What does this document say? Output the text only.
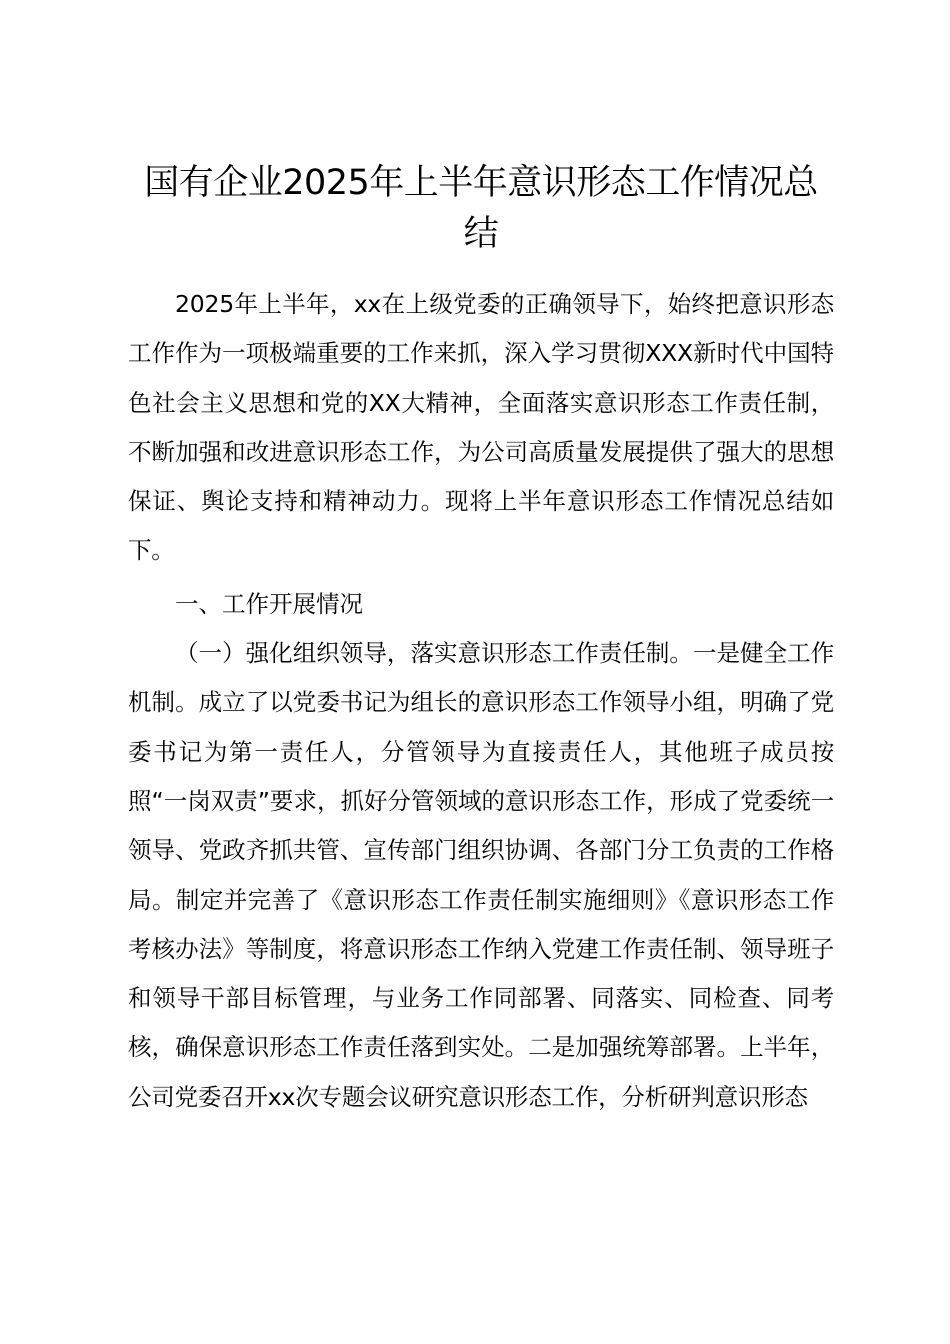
国有企业2025年上半年意识形态工作情况总结

2025年上半年，xx在上级党委的正确领导下，始终把意识形态工作作为一项极端重要的工作来抓，深入学习贯彻XXX新时代中国特色社会主义思想和党的XX大精神，全面落实意识形态工作责任制，不断加强和改进意识形态工作，为公司高质量发展提供了强大的思想保证、舆论支持和精神动力。现将上半年意识形态工作情况总结如下。

一、工作开展情况

（一）强化组织领导，落实意识形态工作责任制。一是健全工作机制。成立了以党委书记为组长的意识形态工作领导小组，明确了党委书记为第一责任人，分管领导为直接责任人，其他班子成员按照“一岗双责”要求，抓好分管领域的意识形态工作，形成了党委统一领导、党政齐抓共管、宣传部门组织协调、各部门分工负责的工作格局。制定并完善了《意识形态工作责任制实施细则》《意识形态工作考核办法》等制度，将意识形态工作纳入党建工作责任制、领导班子和领导干部目标管理，与业务工作同部署、同落实、同检查、同考核，确保意识形态工作责任落到实处。二是加强统筹部署。上半年，公司党委召开xx次专题会议研究意识形态工作，分析研判意识形态
